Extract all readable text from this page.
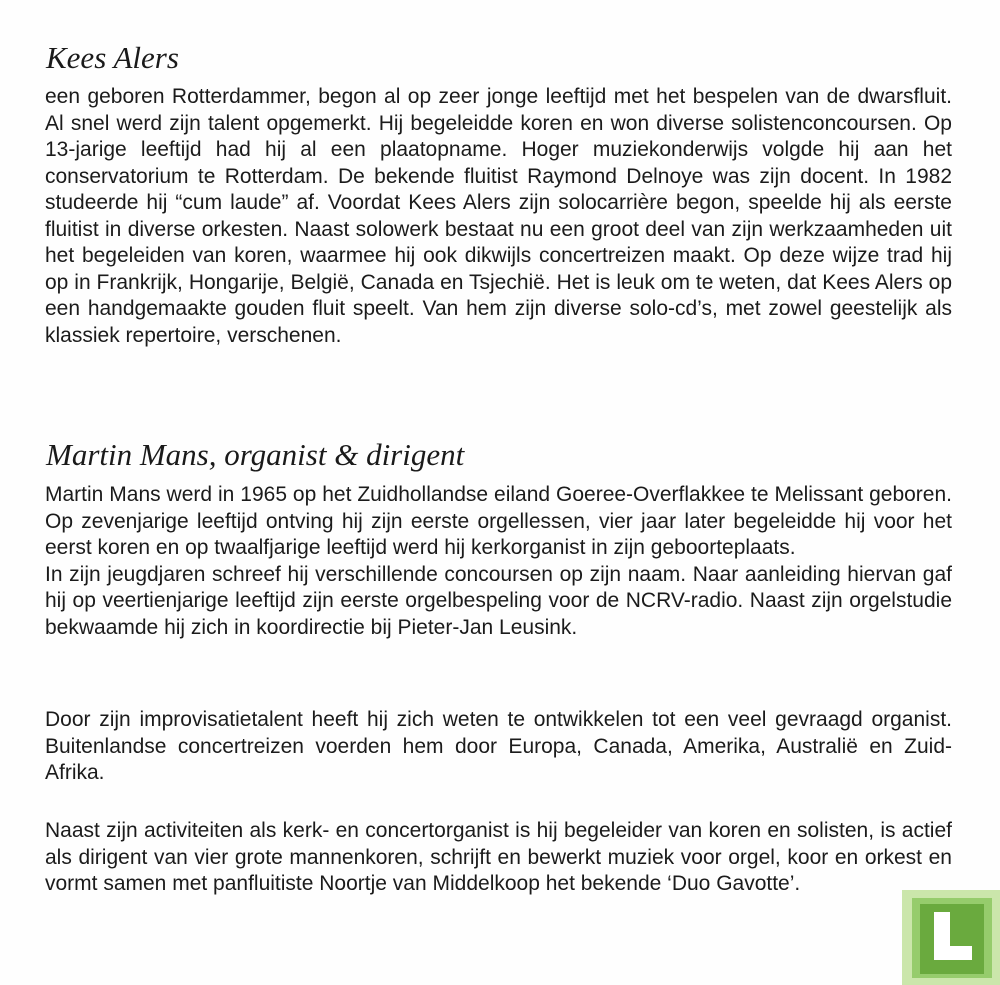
Kees Alers

een geboren Rotterdammer, begon al op zeer jonge leeftijd met het bespelen van de dwarsfluit. Al snel werd zijn talent opgemerkt. Hij begeleidde koren en won diverse solistenconcoursen. Op 13-jarige leeftijd had hij al een plaatopname. Hoger muziekonderwijs volgde hij aan het conservatorium te Rotterdam. De bekende fluitist Raymond Delnoye was zijn docent. In 1982 studeerde hij “cum laude” af. Voordat Kees Alers zijn solocarrière begon, speelde hij als eerste fluitist in diverse orkesten. Naast solowerk bestaat nu een groot deel van zijn werkzaamheden uit het begeleiden van koren, waarmee hij ook dikwijls concertreizen maakt. Op deze wijze trad hij op in Frankrijk, Hongarije, België, Canada en Tsjechië. Het is leuk om te weten, dat Kees Alers op een handgemaakte gouden fluit speelt. Van hem zijn diverse solo-cd’s, met zowel geestelijk als klassiek repertoire, verschenen.

Martin Mans, organist & dirigent

Martin Mans werd in 1965 op het Zuidhollandse eiland Goeree-Overflakkee te Melissant geboren. Op zevenjarige leeftijd ontving hij zijn eerste orgellessen, vier jaar later begeleidde hij voor het eerst koren en op twaalfjarige leeftijd werd hij kerkorganist in zijn geboorteplaats.
In zijn jeugdjaren schreef hij verschillende concoursen op zijn naam. Naar aanleiding hiervan gaf hij op veertienjarige leeftijd zijn eerste orgelbespeling voor de NCRV-radio. Naast zijn orgelstudie bekwaamde hij zich in koordirectie bij Pieter-Jan Leusink.

Door zijn improvisatietalent heeft hij zich weten te ontwikkelen tot een veel gevraagd organist. Buitenlandse concertreizen voerden hem door Europa, Canada, Amerika, Australië en Zuid-Afrika.

Naast zijn activiteiten als kerk- en concertorganist is hij begeleider van koren en solisten, is actief als dirigent van vier grote mannenkoren, schrijft en bewerkt muziek voor orgel, koor en orkest en vormt samen met panfluitiste Noortje van Middelkoop het bekende ‘Duo Gavotte’.
